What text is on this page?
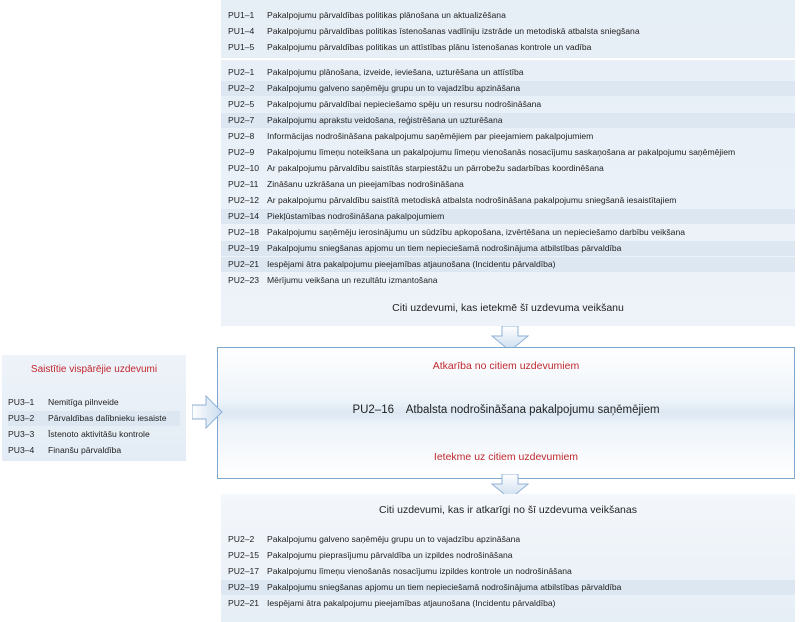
PU1–1	Pakalpojumu pārvaldības politikas plānošana un aktualizēšana
PU1–4	Pakalpojumu pārvaldības politikas īstenošanas vadlīniju izstrāde un metodiskā atbalsta sniegšana
PU1–5	Pakalpojumu pārvaldības politikas un attīstības plānu īstenošanas kontrole un vadība
PU2–1	Pakalpojumu plānošana, izveide, ieviešana, uzturēšana un attīstība
PU2–2	Pakalpojumu galveno saņēmēju grupu un to vajadzību apzināšana
PU2–5	Pakalpojumu pārvaldībai nepieciešamo spēju un resursu nodrošināšana
PU2–7	Pakalpojumu aprakstu veidošana, reģistrēšana un uzturēšana
PU2–8	Informācijas nodrošināšana pakalpojumu saņēmējiem par pieejamiem pakalpojumiem
PU2–9	Pakalpojumu līmeņu noteikšana un pakalpojumu līmeņu vienošanās nosacījumu saskaņošana ar pakalpojumu saņēmējiem
PU2–10 Ar pakalpojumu pārvaldību saistītās starpiestāžu un pārrobežu sadarbības koordinēšana
PU2–11 Zināšanu uzkrāšana un pieejamības nodrošināšana
PU2–12 Ar pakalpojumu pārvaldību saistītā metodiskā atbalsta nodrošināšana pakalpojumu sniegšanā iesaistītajiem
PU2–14 Piekļūstamības nodrošināšana pakalpojumiem
PU2–18 Pakalpojumu saņēmēju ierosinājumu un sūdzību apkopošana, izvērtēšana un nepieciešamo darbību veikšana
PU2–19 Pakalpojumu sniegšanas apjomu un tiem nepieciešamā nodrošinājuma atbilstības pārvaldība
PU2–21 Iespējami ātra pakalpojumu pieejamības atjaunošana (Incidentu pārvaldība)
PU2–23 Mērījumu veikšana un rezultātu izmantošana
Citi uzdevumi, kas ietekmē šī uzdevuma veikšanu
Atkarība no citiem uzdevumiem
PU2–16 Atbalsta nodrošināšana pakalpojumu saņēmējiem
Ietekme uz citiem uzdevumiem
Saistītie vispārējie uzdevumi
PU3–1	Nemitīga pilnveide
PU3–2	Pārvaldības dalībnieku iesaiste
PU3–3	Īstenoto aktivitāšu kontrole
PU3–4	Finanšu pārvaldība
Citi uzdevumi, kas ir atkarīgi no šī uzdevuma veikšanas
PU2–2	Pakalpojumu galveno saņēmēju grupu un to vajadzību apzināšana
PU2–15 Pakalpojumu pieprasījumu pārvaldība un izpildes nodrošināšana
PU2–17 Pakalpojumu līmeņu vienošanās nosacījumu izpildes kontrole un nodrošināšana
PU2–19 Pakalpojumu sniegšanas apjomu un tiem nepieciešamā nodrošinājuma atbilstības pārvaldība
PU2–21 Iespējami ātra pakalpojumu pieejamības atjaunošana (Incidentu pārvaldība)
